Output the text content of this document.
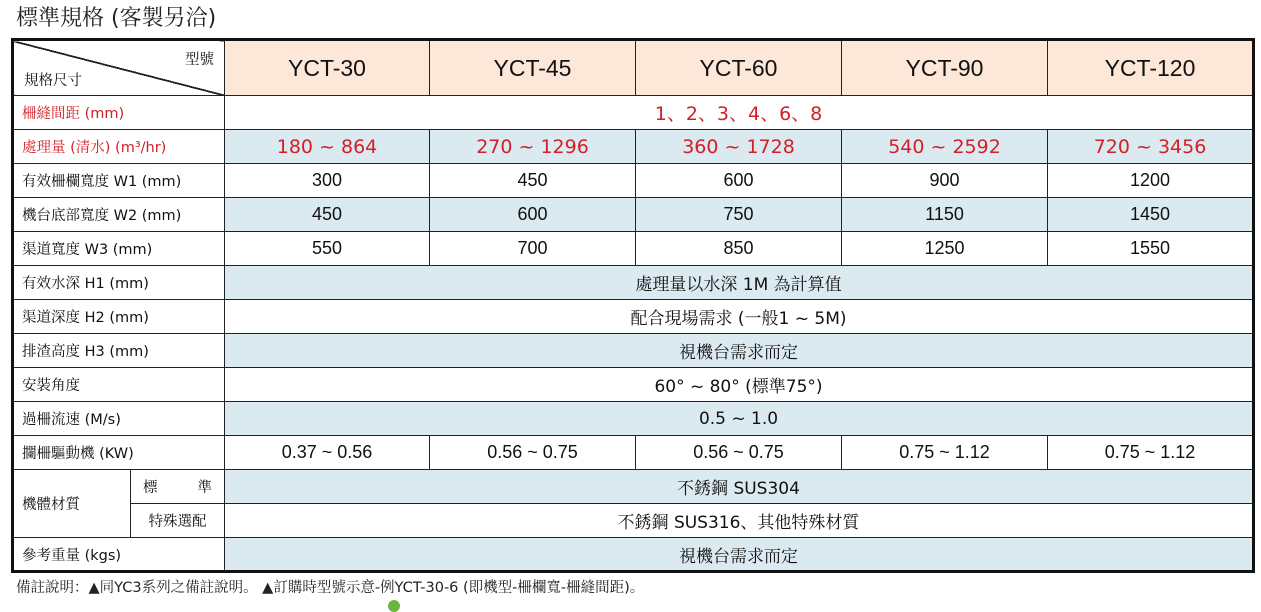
標準規格 (客製另洽)
型號
規格尺寸		YCT-30	YCT-45	YCT-60	YCT-90	YCT-120
柵縫間距 (mm)		1、2、3、4、6、8				
處理量 (清水) (m³/hr)		180 ~ 864	270 ~ 1296	360 ~ 1728	540 ~ 2592	720 ~ 3456
有效柵欄寬度 W1 (mm)		300	450	600	900	1200
機台底部寬度 W2 (mm)		450	600	750	1150	1450
渠道寬度 W3 (mm)		550	700	850	1250	1550
有效水深 H1 (mm)		處理量以水深 1M 為計算值				
渠道深度 H2 (mm)		配合現場需求 (一般1 ~ 5M)				
排渣高度 H3 (mm)		視機台需求而定				
安裝角度		60° ~ 80° (標準75°)				
過柵流速 (M/s)		0.5 ~ 1.0				
攔柵驅動機 (KW)		0.37 ~ 0.56	0.56 ~ 0.75	0.56 ~ 0.75	0.75 ~ 1.12	0.75 ~ 1.12
機體材質	標準	不銹鋼 SUS304				
	特殊選配	不銹鋼 SUS316、其他特殊材質				
參考重量 (kgs)		視機台需求而定				
備註說明：▲同YC3系列之備註說明。 ▲訂購時型號示意-例YCT-30-6 (即機型-柵欄寬-柵縫間距)。
